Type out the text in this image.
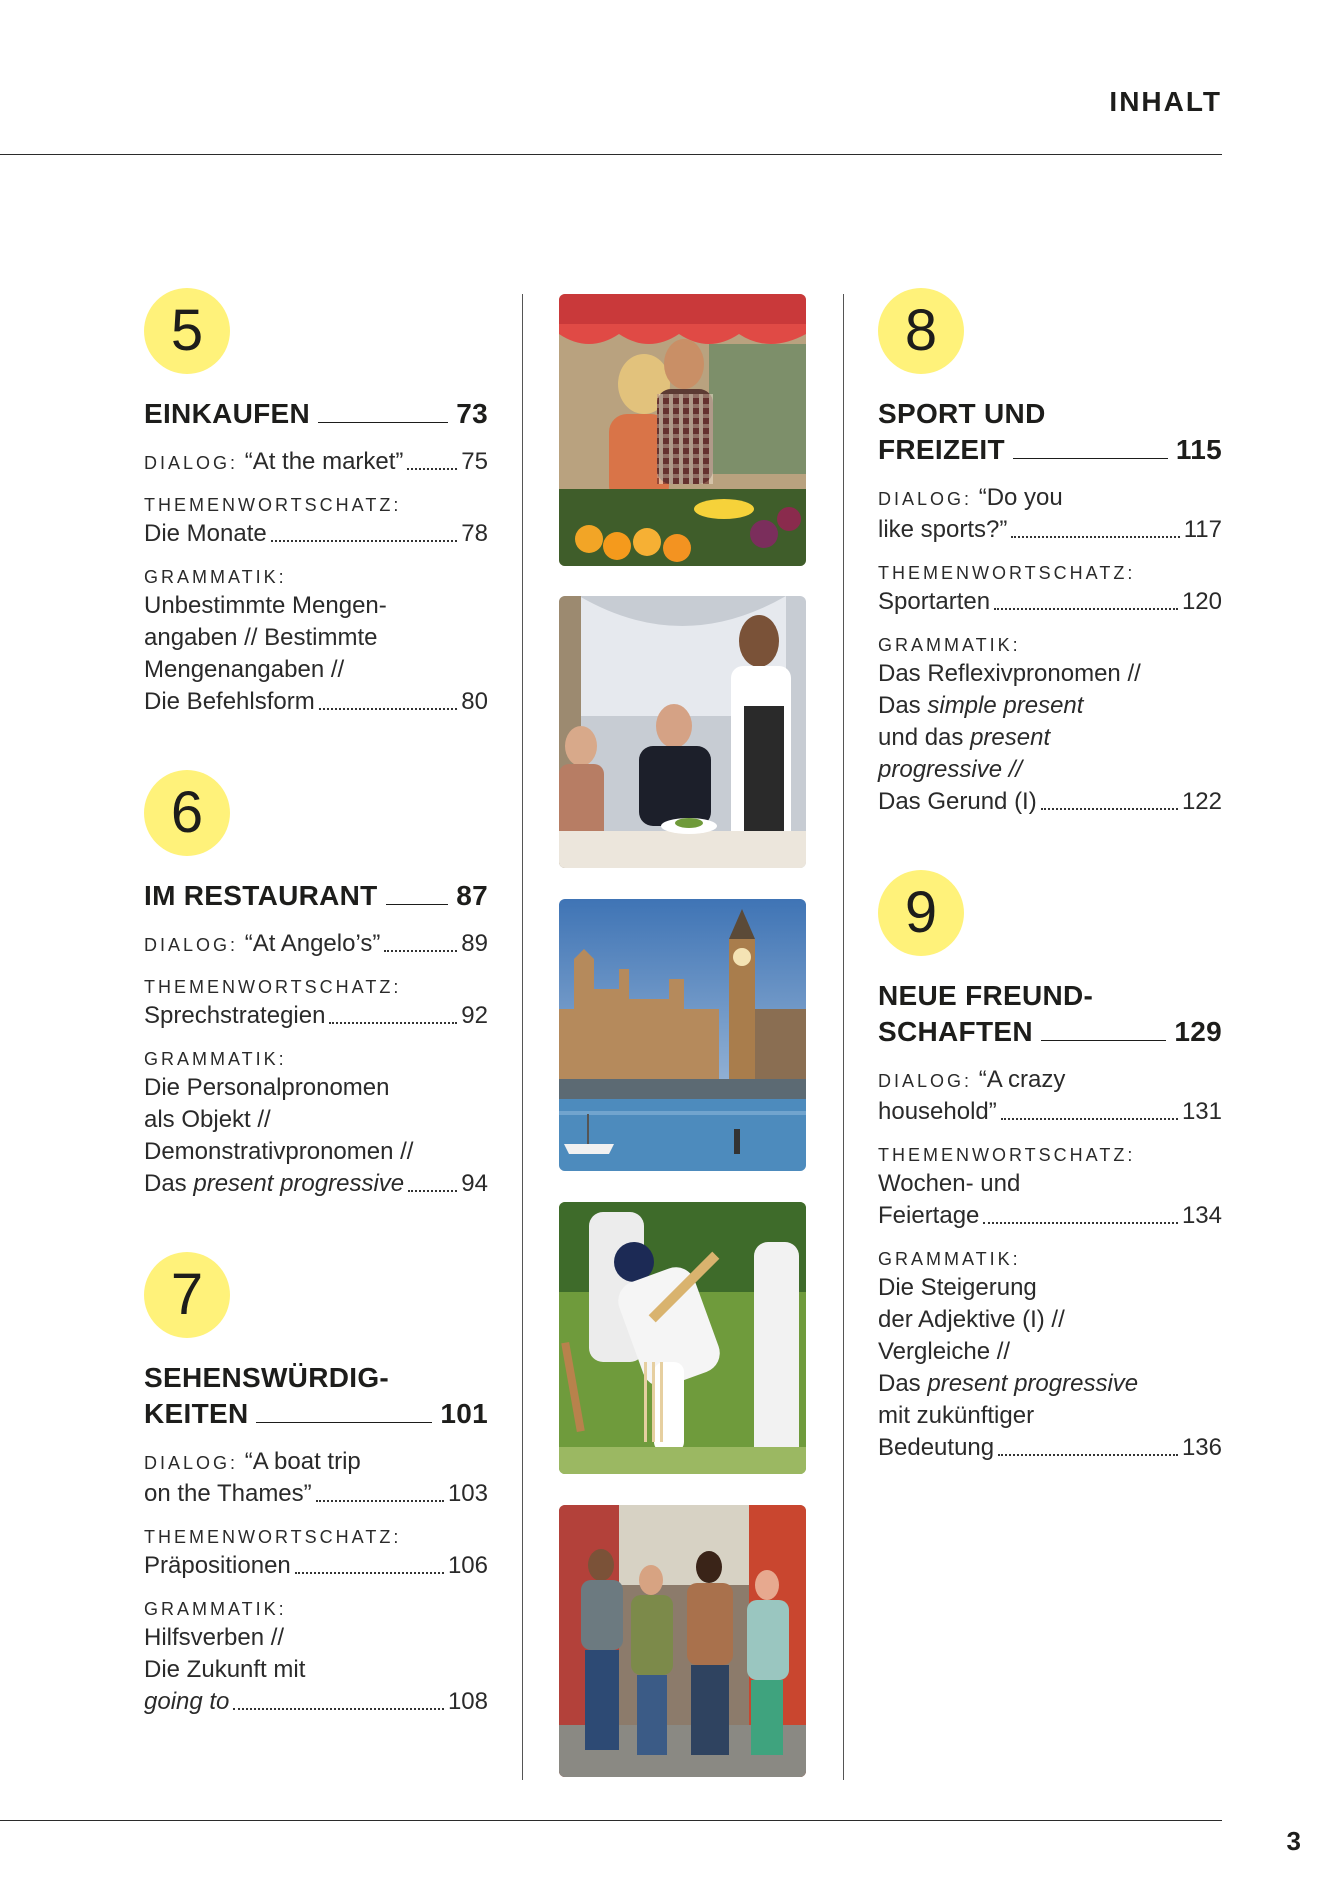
INHALT
3
5
EINKAUFEN	73
DIALOG: “At the market” 75
THEMENWORTSCHATZ:
Die Monate	78
GRAMMATIK:
Unbestimmte Mengen-
angaben // Bestimmte
Mengenangaben //
Die Befehlsform	80
6
IM RESTAURANT	87
DIALOG: “At Angelo’s”	89
THEMENWORTSCHATZ:
Sprechstrategien	92
GRAMMATIK:
Die Personalpronomen
als Objekt //
Demonstrativpronomen //
Das present progressive 94
7
SEHENSWÜRDIG-
KEITEN	101
DIALOG: “A boat trip
on the Thames”	103
THEMENWORTSCHATZ:
Präpositionen	106
GRAMMATIK:
Hilfsverben //
Die Zukunft mit
going to	108
8
SPORT UND
FREIZEIT	115
DIALOG: “Do you
like sports?”	117
THEMENWORTSCHATZ:
Sportarten	120
GRAMMATIK:
Das Reflexivpronomen //
Das simple present
und das present
progressive //
Das Gerund (I)	122
9
NEUE FREUND-
SCHAFTEN	129
DIALOG: “A crazy
household”	131
THEMENWORTSCHATZ:
Wochen- und
Feiertage	134
GRAMMATIK:
Die Steigerung
der Adjektive (I) //
Vergleiche //
Das present progressive
mit zukünftiger
Bedeutung	136
